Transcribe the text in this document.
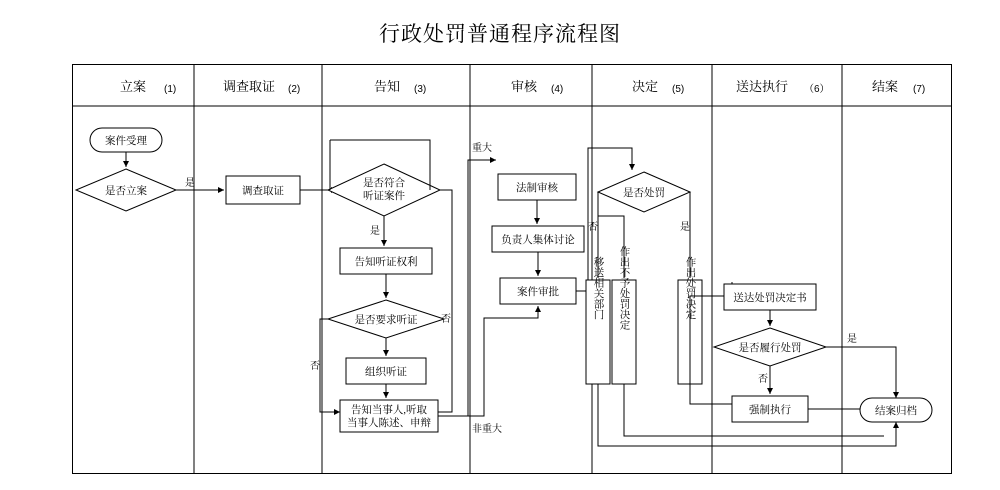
行政处罚普通程序流程图
立案 (1)	调查取证 (2)	告知 (3)	审核 (4)	决定 (5)	送达执行 （6）	结案 (7)
案件受理
是否立案
是
调查取证
是否符合
听证案件
是
告知听证权利
是否要求听证
组织听证
否
否
告知当事人,听取
当事人陈述、申辩
重大
非重大
法制审核
负责人集体讨论
案件审批
是否处罚
否	是
移送相关部门 作出不予处罚决定	作出处罚决定	送达处罚决定书
是否履行处罚
否
强制执行
是
结案归档
